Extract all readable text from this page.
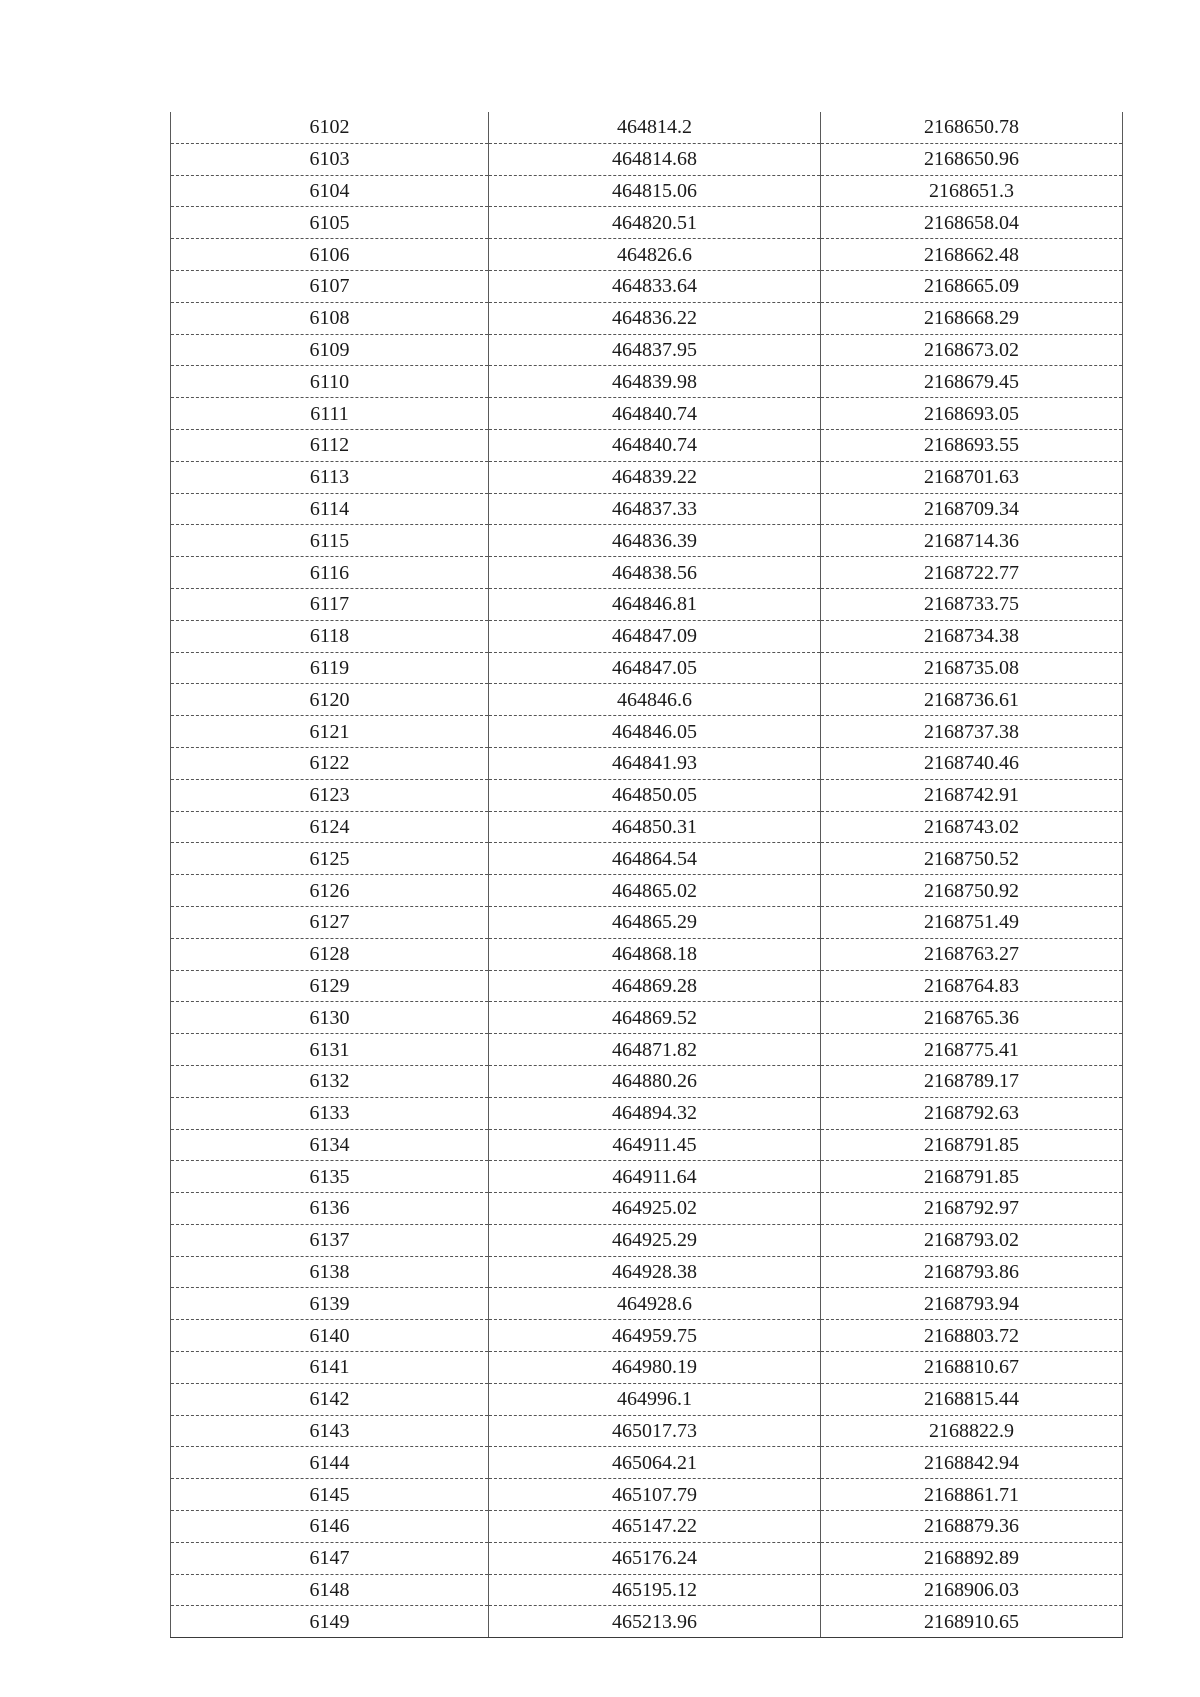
6102	464814.2	2168650.78
6103	464814.68	2168650.96
6104	464815.06	2168651.3
6105	464820.51	2168658.04
6106	464826.6	2168662.48
6107	464833.64	2168665.09
6108	464836.22	2168668.29
6109	464837.95	2168673.02
6110	464839.98	2168679.45
6111	464840.74	2168693.05
6112	464840.74	2168693.55
6113	464839.22	2168701.63
6114	464837.33	2168709.34
6115	464836.39	2168714.36
6116	464838.56	2168722.77
6117	464846.81	2168733.75
6118	464847.09	2168734.38
6119	464847.05	2168735.08
6120	464846.6	2168736.61
6121	464846.05	2168737.38
6122	464841.93	2168740.46
6123	464850.05	2168742.91
6124	464850.31	2168743.02
6125	464864.54	2168750.52
6126	464865.02	2168750.92
6127	464865.29	2168751.49
6128	464868.18	2168763.27
6129	464869.28	2168764.83
6130	464869.52	2168765.36
6131	464871.82	2168775.41
6132	464880.26	2168789.17
6133	464894.32	2168792.63
6134	464911.45	2168791.85
6135	464911.64	2168791.85
6136	464925.02	2168792.97
6137	464925.29	2168793.02
6138	464928.38	2168793.86
6139	464928.6	2168793.94
6140	464959.75	2168803.72
6141	464980.19	2168810.67
6142	464996.1	2168815.44
6143	465017.73	2168822.9
6144	465064.21	2168842.94
6145	465107.79	2168861.71
6146	465147.22	2168879.36
6147	465176.24	2168892.89
6148	465195.12	2168906.03
6149	465213.96	2168910.65
